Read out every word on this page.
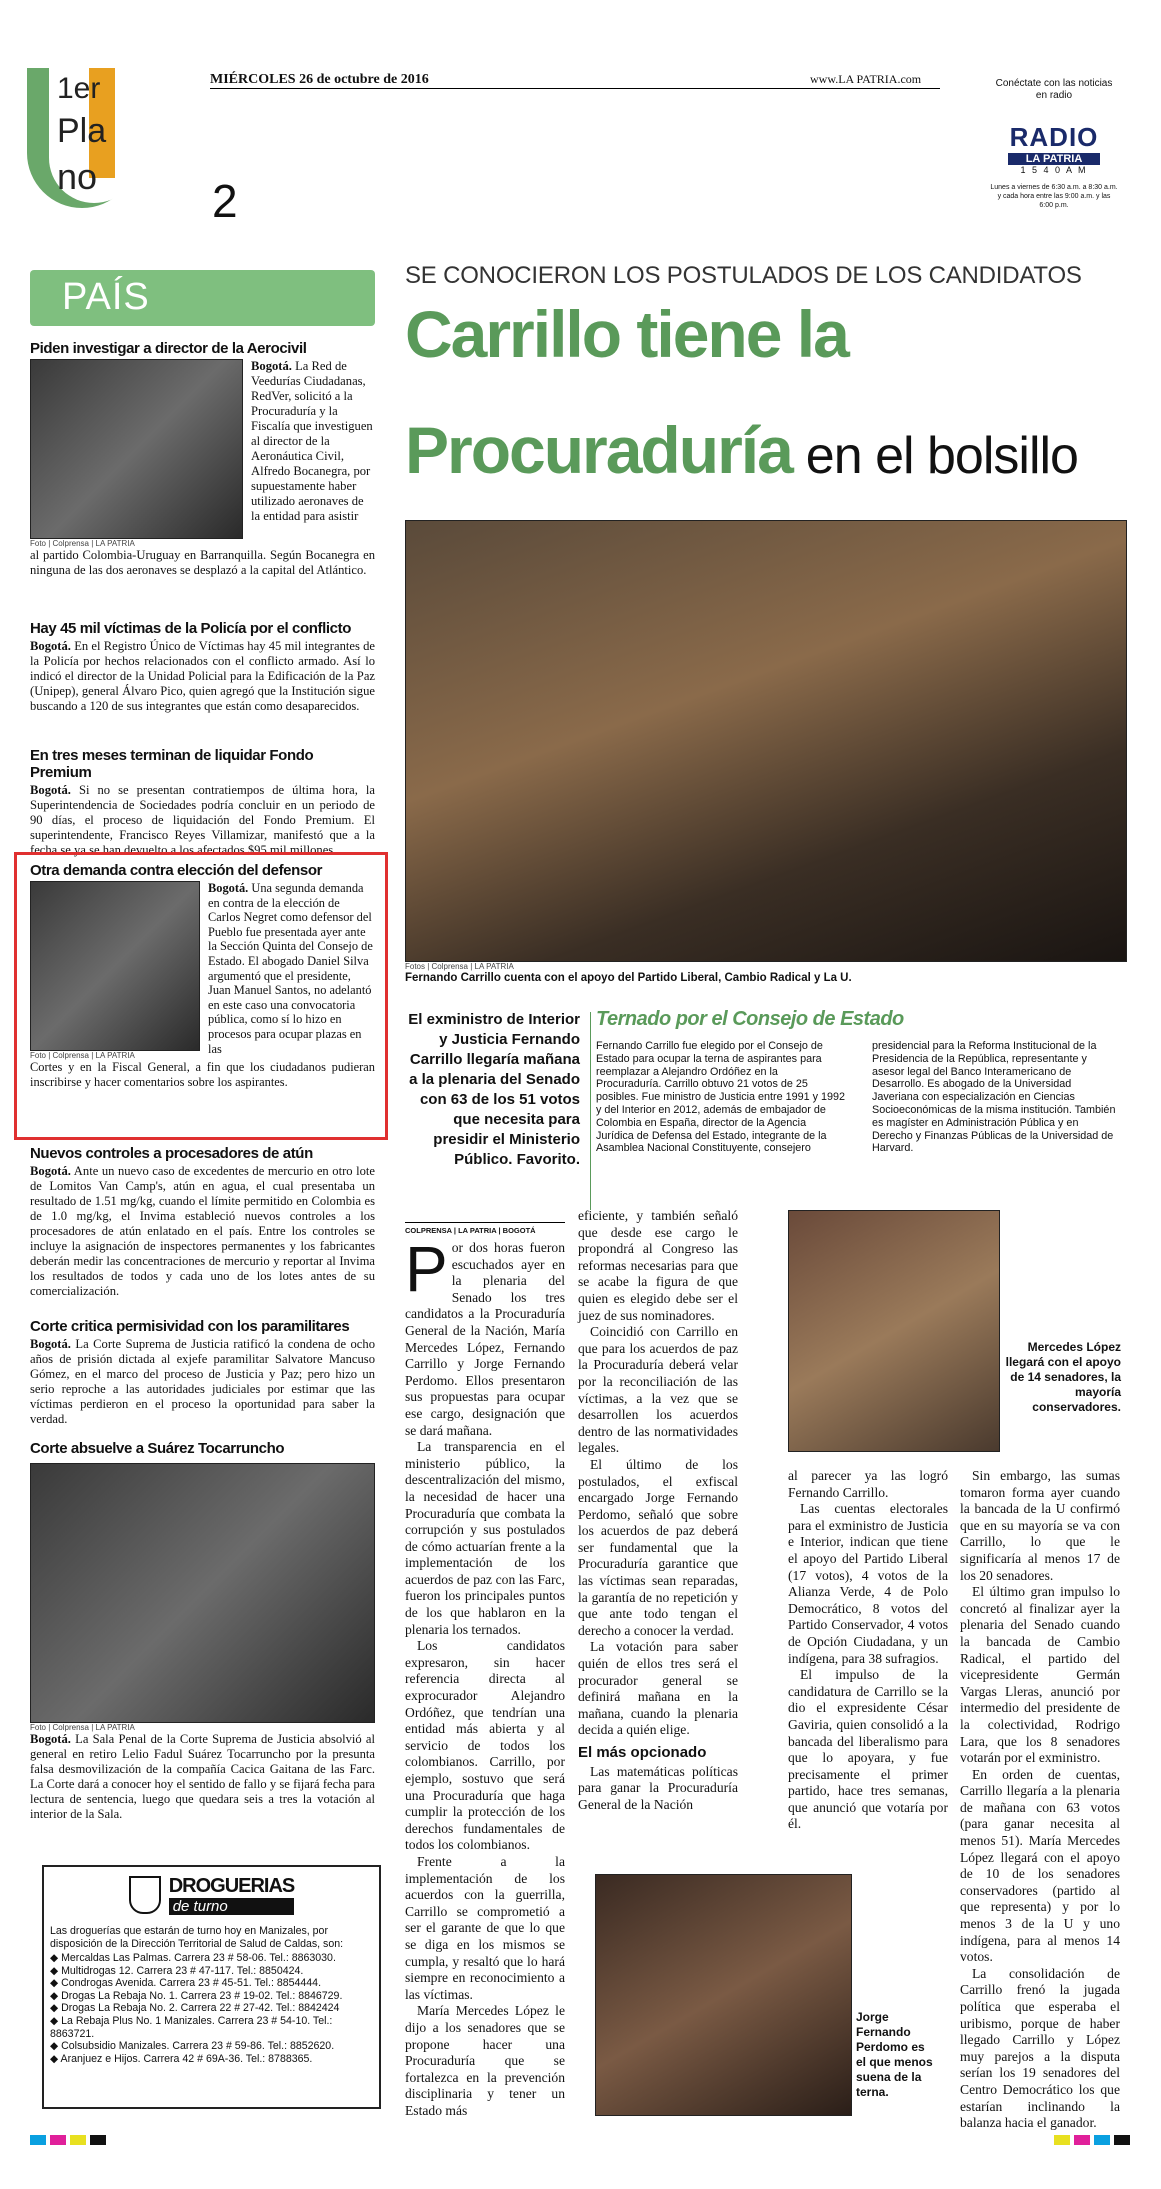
1er
Pla
no 2
MIÉRCOLES 26 de octubre de 2016	www.LA PATRIA.com	Conéctate con las noticias en radio
RADIO
LA PATRIA
1 5 4 0 A M
Lunes a viernes de 6:30 a.m. a 8:30 a.m. y cada hora entre las 9:00 a.m. y las 6:00 p.m.
PAÍS
Piden investigar a director de la Aerocivil
Foto | Colprensa | LA PATRIA
Bogotá. La Red de Veedurías Ciudadanas, RedVer, solicitó a la Procuraduría y la Fiscalía que investiguen al director de la Aeronáutica Civil, Alfredo Bocanegra, por supuestamente haber utilizado aeronaves de la entidad para asistir
al partido Colombia-Uruguay en Barranquilla. Según Bocanegra en ninguna de las dos aeronaves se desplazó a la capital del Atlántico.
Hay 45 mil víctimas de la Policía por el conflicto
Bogotá. En el Registro Único de Víctimas hay 45 mil integrantes de la Policía por hechos relacionados con el conflicto armado. Así lo indicó el director de la Unidad Policial para la Edificación de la Paz (Unipep), general Álvaro Pico, quien agregó que la Institución sigue buscando a 120 de sus integrantes que están como desaparecidos.
En tres meses terminan de liquidar Fondo Premium
Bogotá. Si no se presentan contratiempos de última hora, la Superintendencia de Sociedades podría concluir en un periodo de 90 días, el proceso de liquidación del Fondo Premium. El superintendente, Francisco Reyes Villamizar, manifestó que a la fecha se ya se han devuelto a los afectados $95 mil millones.
Otra demanda contra elección del defensor
Foto | Colprensa | LA PATRIA
Bogotá. Una segunda demanda en contra de la elección de Carlos Negret como defensor del Pueblo fue presentada ayer ante la Sección Quinta del Consejo de Estado. El abogado Daniel Silva argumentó que el presidente, Juan Manuel Santos, no adelantó en este caso una convocatoria pública, como sí lo hizo en procesos para ocupar plazas en las
Cortes y en la Fiscal General, a fin que los ciudadanos pudieran inscribirse y hacer comentarios sobre los aspirantes.
Nuevos controles a procesadores de atún
Bogotá. Ante un nuevo caso de excedentes de mercurio en otro lote de Lomitos Van Camp's, atún en agua, el cual presentaba un resultado de 1.51 mg/kg, cuando el límite permitido en Colombia es de 1.0 mg/kg, el Invima estableció nuevos controles a los procesadores de atún enlatado en el país. Entre los controles se incluye la asignación de inspectores permanentes y los fabricantes deberán medir las concentraciones de mercurio y reportar al Invima los resultados de todos y cada uno de los lotes antes de su comercialización.
Corte critica permisividad con los paramilitares
Bogotá. La Corte Suprema de Justicia ratificó la condena de ocho años de prisión dictada al exjefe paramilitar Salvatore Mancuso Gómez, en el marco del proceso de Justicia y Paz; pero hizo un serio reproche a las autoridades judiciales por estimar que las víctimas perdieron en el proceso la oportunidad para saber la verdad.
Corte absuelve a Suárez Tocarruncho
Foto | Colprensa | LA PATRIA
Bogotá. La Sala Penal de la Corte Suprema de Justicia absolvió al general en retiro Lelio Fadul Suárez Tocarruncho por la presunta falsa desmovilización de la compañía Cacica Gaitana de las Farc. La Corte dará a conocer hoy el sentido de fallo y se fijará fecha para lectura de sentencia, luego que quedara seis a tres la votación al interior de la Sala.
DROGUERIAS
de turno
Las droguerías que estarán de turno hoy en Manizales, por disposición de la Dirección Territorial de Salud de Caldas, son:
◆ Mercaldas Las Palmas. Carrera 23 # 58-06. Tel.: 8863030.
◆ Multidrogas 12. Carrera 23 # 47-117. Tel.: 8850424.
◆ Condrogas Avenida. Carrera 23 # 45-51. Tel.: 8854444.
◆ Drogas La Rebaja No. 1. Carrera 23 # 19-02. Tel.: 8846729.
◆ Drogas La Rebaja No. 2. Carrera 22 # 27-42. Tel.: 8842424
◆ La Rebaja Plus No. 1 Manizales. Carrera 23 # 54-10. Tel.: 8863721.
◆ Colsubsidio Manizales. Carrera 23 # 59-86. Tel.: 8852620.
◆ Aranjuez e Hijos. Carrera 42 # 69A-36. Tel.: 8788365.
SE CONOCIERON LOS POSTULADOS DE LOS CANDIDATOS
Carrillo tiene la
Procuraduría en el bolsillo
Fotos | Colprensa | LA PATRIA
Fernando Carrillo cuenta con el apoyo del Partido Liberal, Cambio Radical y La U.
El exministro de Interior y Justicia Fernando Carrillo llegaría mañana a la plenaria del Senado con 63 de los 51 votos que necesita para presidir el Ministerio Público. Favorito.
Ternado por el Consejo de Estado
Fernando Carrillo fue elegido por el Consejo de Estado para ocupar la terna de aspirantes para reemplazar a Alejandro Ordóñez en la Procuraduría. Carrillo obtuvo 21 votos de 25 posibles. Fue ministro de Justicia entre 1991 y 1992 y del Interior en 2012, además de embajador de Colombia en España, director de la Agencia Jurídica de Defensa del Estado, integrante de la Asamblea Nacional Constituyente, consejero
presidencial para la Reforma Institucional de la Presidencia de la República, representante y asesor legal del Banco Interamericano de Desarrollo. Es abogado de la Universidad Javeriana con especialización en Ciencias Socioeconómicas de la misma institución. También es magíster en Administración Pública y en Derecho y Finanzas Públicas de la Universidad de Harvard.
COLPRENSA | LA PATRIA | BOGOTÁ
Por dos horas fueron escuchados ayer en la plenaria del Senado los tres candidatos a la Procuraduría General de la Nación, María Mercedes López, Fernando Carrillo y Jorge Fernando Perdomo. Ellos presentaron sus propuestas para ocupar ese cargo, designación que se dará mañana.
La transparencia en el ministerio público, la descentralización del mismo, la necesidad de hacer una Procuraduría que combata la corrupción y sus postulados de cómo actuarían frente a la implementación de los acuerdos de paz con las Farc, fueron los principales puntos de los que hablaron en la plenaria los ternados.
Los candidatos expresaron, sin hacer referencia directa al exprocurador Alejandro Ordóñez, que tendrían una entidad más abierta y al servicio de todos los colombianos. Carrillo, por ejemplo, sostuvo que será una Procuraduría que haga cumplir la protección de los derechos fundamentales de todos los colombianos.
Frente a la implementación de los acuerdos con la guerrilla, Carrillo se comprometió a ser el garante de que lo que se diga en los mismos se cumpla, y resaltó que lo hará siempre en reconocimiento a las víctimas.
María Mercedes López le dijo a los senadores que se propone hacer una Procuraduría que se fortalezca en la prevención disciplinaria y tener un Estado más
eficiente, y también señaló que desde ese cargo le propondrá al Congreso las reformas necesarias para que se acabe la figura de que quien es elegido debe ser el juez de sus nominadores.
Coincidió con Carrillo en que para los acuerdos de paz la Procuraduría deberá velar por la reconciliación de las víctimas, a la vez que se desarrollen los acuerdos dentro de las normatividades legales.
El último de los postulados, el exfiscal encargado Jorge Fernando Perdomo, señaló que sobre los acuerdos de paz deberá ser fundamental que la Procuraduría garantice que las víctimas sean reparadas, la garantía de no repetición y que ante todo tengan el derecho a conocer la verdad.
La votación para saber quién de ellos tres será el procurador general se definirá mañana en la mañana, cuando la plenaria decida a quién elige.
El más opcionado
Las matemáticas políticas para ganar la Procuraduría General de la Nación
Mercedes López llegará con el apoyo de 14 senadores, la mayoría conservadores.
al parecer ya las logró Fernando Carrillo.
Las cuentas electorales para el exministro de Justicia e Interior, indican que tiene el apoyo del Partido Liberal (17 votos), 4 votos de la Alianza Verde, 4 de Polo Democrático, 8 votos del Partido Conservador, 4 votos de Opción Ciudadana, y un indígena, para 38 sufragios.
El impulso de la candidatura de Carrillo se la dio el expresidente César Gaviria, quien consolidó a la bancada del liberalismo para que lo apoyara, y fue precisamente el primer partido, hace tres semanas, que anunció que votaría por él.
Sin embargo, las sumas tomaron forma ayer cuando la bancada de la U confirmó que en su mayoría se va con Carrillo, lo que le significaría al menos 17 de los 20 senadores.
El último gran impulso lo concretó al finalizar ayer la plenaria del Senado cuando la bancada de Cambio Radical, el partido del vicepresidente Germán Vargas Lleras, anunció por intermedio del presidente de la colectividad, Rodrigo Lara, que los 8 senadores votarán por el exministro.
En orden de cuentas, Carrillo llegaría a la plenaria de mañana con 63 votos (para ganar necesita al menos 51). María Mercedes López llegará con el apoyo de 10 de los senadores conservadores (partido al que representa) y por lo menos 3 de la U y uno indígena, para al menos 14 votos.
La consolidación de Carrillo frenó la jugada política que esperaba el uribismo, porque de haber llegado Carrillo y López muy parejos a la disputa serían los 19 senadores del Centro Democrático los que estarían inclinando la balanza hacia el ganador.
Jorge Fernando Perdomo es el que menos suena de la terna.
